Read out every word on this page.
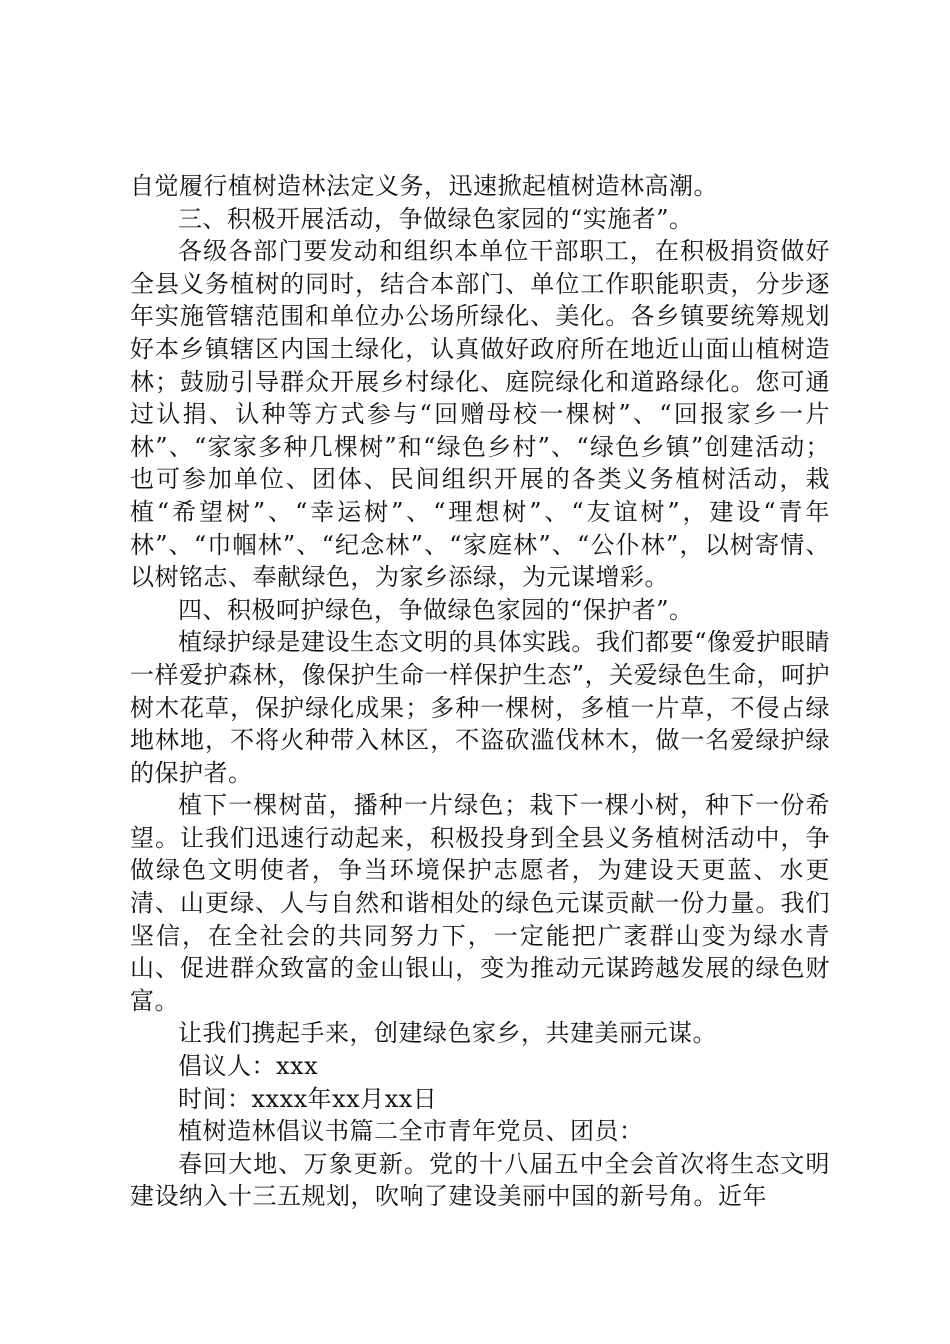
自觉履行植树造林法定义务，迅速掀起植树造林高潮。

三、积极开展活动，争做绿色家园的“实施者”。

各级各部门要发动和组织本单位干部职工，在积极捐资做好全县义务植树的同时，结合本部门、单位工作职能职责，分步逐年实施管辖范围和单位办公场所绿化、美化。各乡镇要统筹规划好本乡镇辖区内国土绿化，认真做好政府所在地近山面山植树造林；鼓励引导群众开展乡村绿化、庭院绿化和道路绿化。您可通过认捐、认种等方式参与“回赠母校一棵树”、“回报家乡一片林”、“家家多种几棵树”和“绿色乡村”、“绿色乡镇”创建活动；也可参加单位、团体、民间组织开展的各类义务植树活动，栽植“希望树”、“幸运树”、“理想树”、“友谊树”，建设“青年林”、“巾帼林”、“纪念林”、“家庭林”、“公仆林”，以树寄情、以树铭志、奉献绿色，为家乡添绿，为元谋增彩。

四、积极呵护绿色，争做绿色家园的“保护者”。

植绿护绿是建设生态文明的具体实践。我们都要“像爱护眼睛一样爱护森林，像保护生命一样保护生态”，关爱绿色生命，呵护树木花草，保护绿化成果；多种一棵树，多植一片草，不侵占绿地林地，不将火种带入林区，不盗砍滥伐林木，做一名爱绿护绿的保护者。

植下一棵树苗，播种一片绿色；栽下一棵小树，种下一份希望。让我们迅速行动起来，积极投身到全县义务植树活动中，争做绿色文明使者，争当环境保护志愿者，为建设天更蓝、水更清、山更绿、人与自然和谐相处的绿色元谋贡献一份力量。我们坚信，在全社会的共同努力下，一定能把广袤群山变为绿水青山、促进群众致富的金山银山，变为推动元谋跨越发展的绿色财富。

让我们携起手来，创建绿色家乡，共建美丽元谋。

倡议人：xxx

时间：xxxx年xx月xx日

植树造林倡议书篇二全市青年党员、团员：

春回大地、万象更新。党的十八届五中全会首次将生态文明建设纳入十三五规划，吹响了建设美丽中国的新号角。近年
